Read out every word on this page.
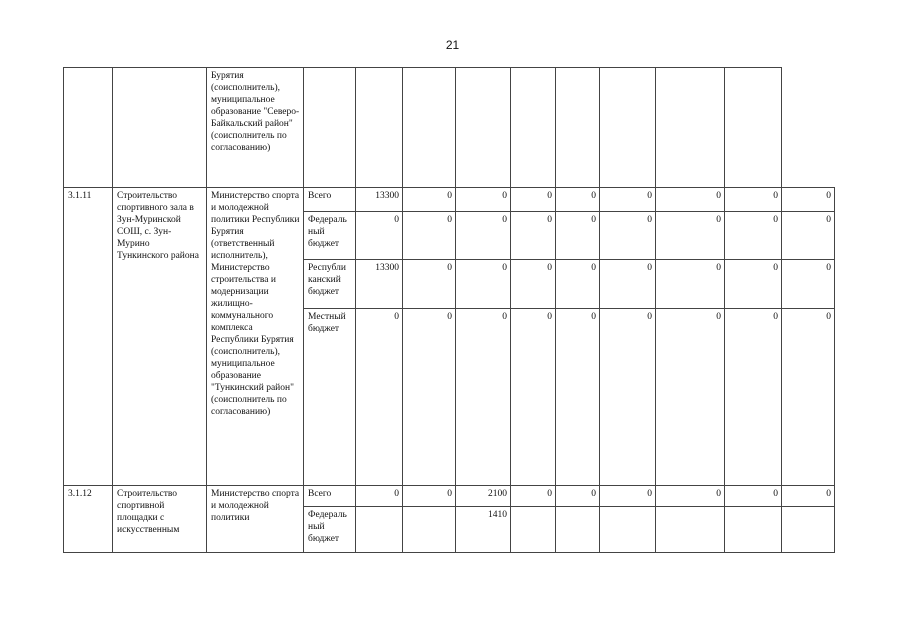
21
		Бурятия (соисполнитель), муниципальное образование "Северо-Байкальский район" (соисполнитель по согласованию)										
3.1.11	Строительство спортивного зала в Зун-Муринской СОШ, с. Зун-Мурино Тункинского района	Министерство спорта и молодежной политики Республики Бурятия (ответственный исполнитель), Министерство строительства и модернизации жилищно-коммунального комплекса Республики Бурятия (соисполнитель), муниципальное образование "Тункинский район" (соисполнитель по согласованию)	Всего	13300	0	0	0	0	0	0	0	0
			Федераль ный бюджет	0	0	0	0	0	0	0	0	0
			Республи канский бюджет	13300	0	0	0	0	0	0	0	0
			Местный бюджет	0	0	0	0	0	0	0	0	0
3.1.12	Строительство спортивной площадки с искусственным	Министерство спорта и молодежной политики	Всего	0	0	2100	0	0	0	0	0	0
			Федераль ный бюджет			1410						
